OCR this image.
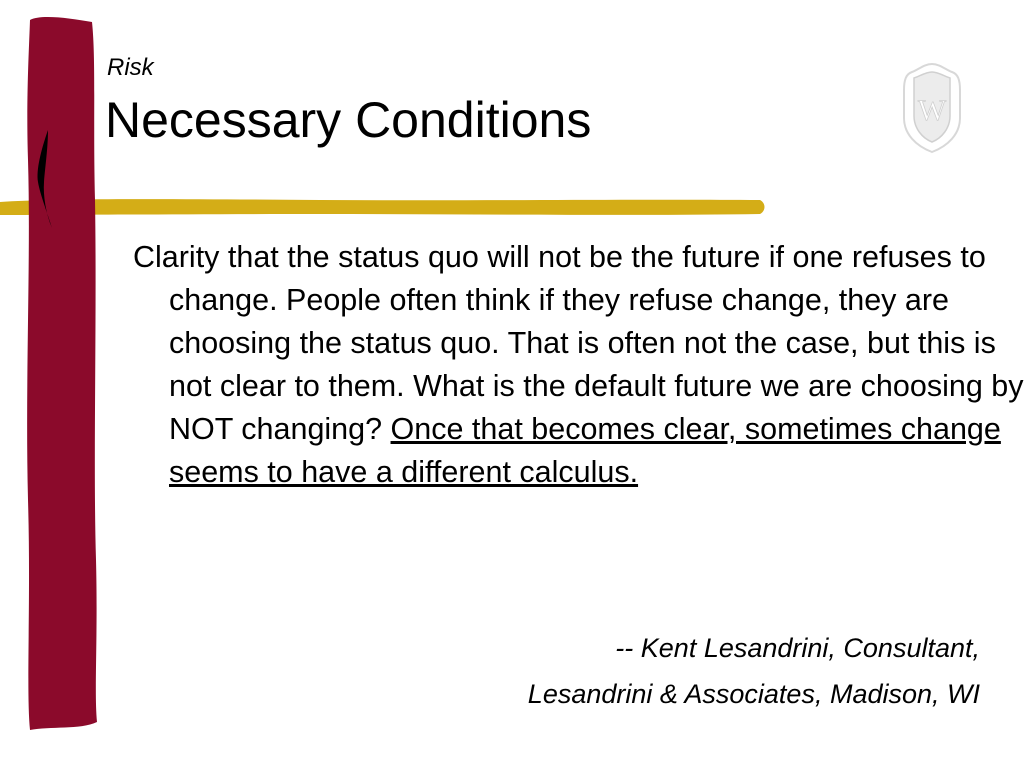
Risk

Necessary Conditions	W

Clarity that the status quo will not be the future if one refuses to change. People often think if they refuse change, they are choosing the status quo. That is often not the case, but this is not clear to them. What is the default future we are choosing by NOT changing? Once that becomes clear, sometimes change seems to have a different calculus.

-- Kent Lesandrini, Consultant,

Lesandrini & Associates, Madison, WI
